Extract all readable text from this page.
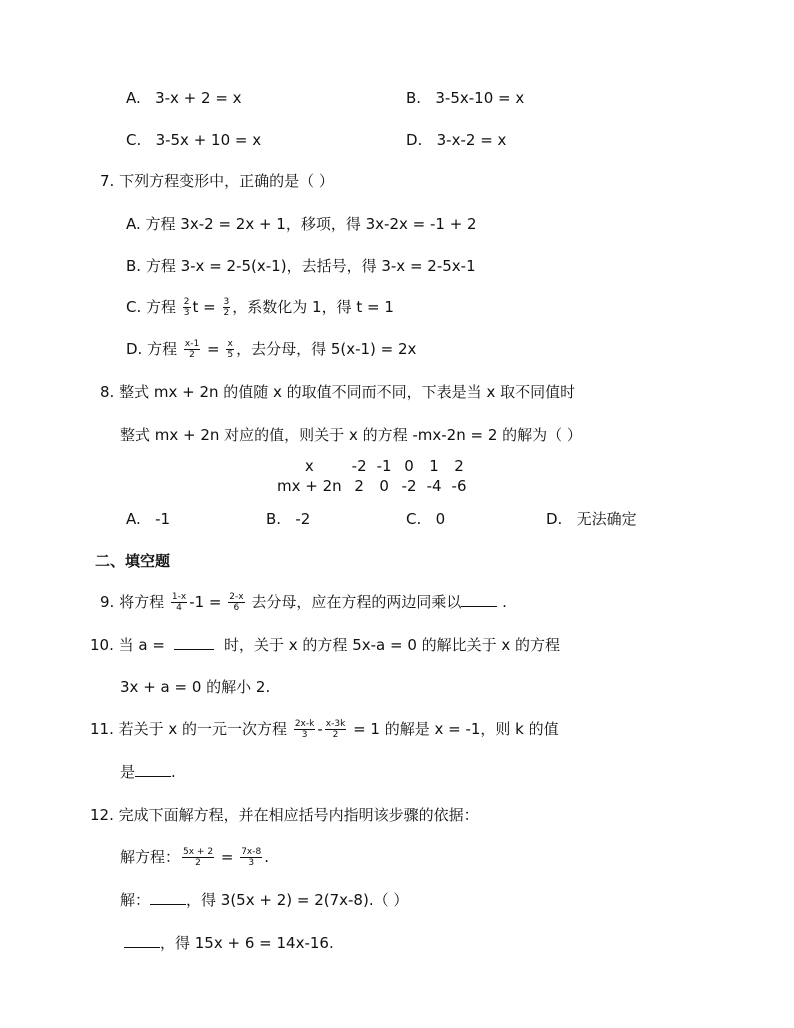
A. 3-x + 2 = x	B. 3-5x-10 = x
C. 3-5x + 10 = x	D. 3-x-2 = x
7. 下列方程变形中，正确的是（ ）
A. 方程 3x-2 = 2x + 1，移项，得 3x-2x = -1 + 2
B. 方程 3-x = 2-5(x-1)，去括号，得 3-x = 2-5x-1
C. 方程 $\frac{2}{3}$ $t = \frac{3}{2}$ ，系数化为 1，得 t = 1
D. 方程 $\frac{x-1}{2} = \frac{x}{5}$ ，去分母，得 5(x-1) = 2x
8. 整式 mx + 2n 的值随 x 的取值不同而不同，下表是当 x 取不同值时
整式 mx + 2n 对应的值，则关于 x 的方程 -mx-2n = 2 的解为（ ）
x	-2	-1	0	1	2
mx + 2n	2	0	-2	-4	-6
A. -1	B. -2	C. 0	D. 无法确定
二、填空题
9. 将方程 $\frac{1-x}{4} -1 = \frac{2-x}{6}$ 去分母，应在方程的两边同乘以	.
10. 当 a =	时，关于 x 的方程 5x-a = 0 的解比关于 x 的方程
3x + a = 0 的解小 2.
11. 若关于 x 的一元一次方程 $\frac{2x-k}{3} - \frac{x-3k}{2} = 1$ 的解是 x = -1，则 k 的值
是 .
12. 完成下面解方程，并在相应括号内指明该步骤的依据：
解方程： $\frac{5x + 2}{2} = \frac{7x-8}{3}$ .
解： ，得 3(5x + 2) = 2(7x-8).（ ）
，得 15x + 6 = 14x-16.
